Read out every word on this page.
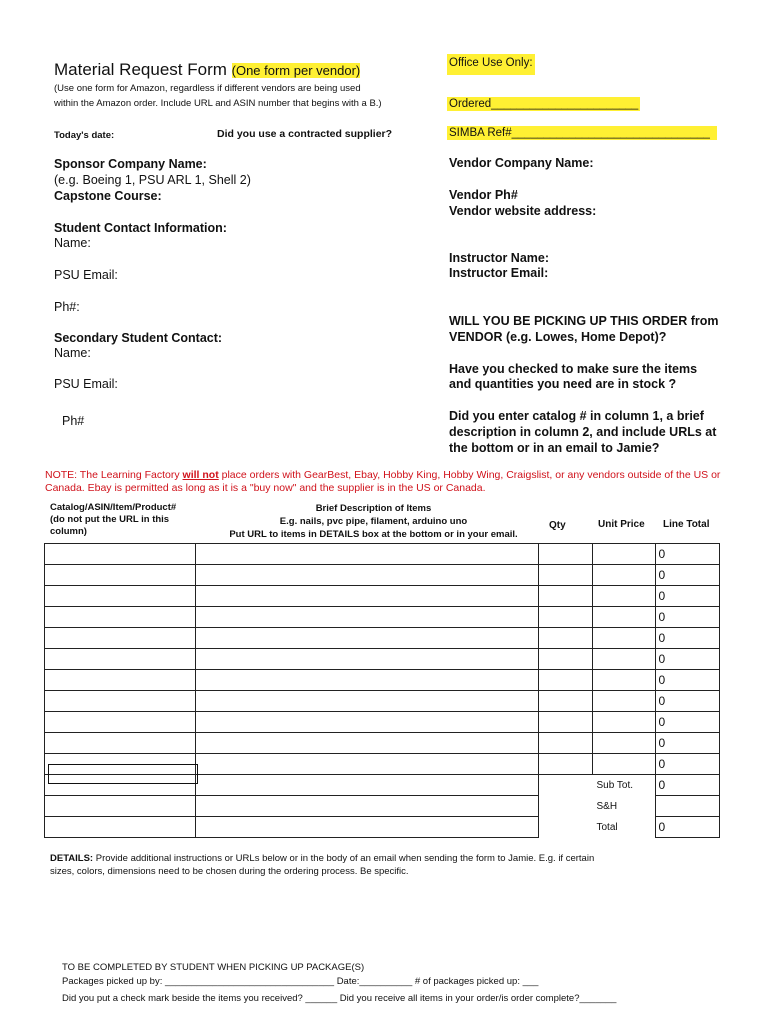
Material Request Form (One form per vendor)
(Use one form for Amazon, regardless if different vendors are being used
within the Amazon order. Include URL and ASIN number that begins with a B.)
Today's date:	Did you use a contracted supplier?
Office Use Only:
Ordered_______________________
SIMBA Ref#_______________________________
Sponsor Company Name:
(e.g. Boeing 1, PSU ARL 1, Shell 2)
Capstone Course:
Student Contact Information:
Name:
PSU Email:
Ph#:
Secondary Student Contact:
Name:
PSU Email:
Ph#
Vendor Company Name:
Vendor Ph#
Vendor website address:
Instructor Name:
Instructor Email:
WILL YOU BE PICKING UP THIS ORDER from
VENDOR (e.g. Lowes, Home Depot)?
Have you checked to make sure the items
and quantities you need are in stock ?
Did you enter catalog # in column 1, a brief
description in column 2, and include URLs at
the bottom or in an email to Jamie?
NOTE: The Learning Factory will not place orders with GearBest, Ebay, Hobby King, Hobby Wing, Craigslist, or any vendors outside of the US or
Canada. Ebay is permitted as long as it is a "buy now" and the supplier is in the US or Canada.
Catalog/ASIN/Item/Product#
(do not put the URL in this
column)
Brief Description of Items
E.g. nails, pvc pipe, filament, arduino uno
Put URL to items in DETAILS box at the bottom or in your email.
Qty	Unit Price Line Total
				0
				0
				0
				0
				0
				0
				0
				0
				0
				0
				0
			Sub Tot.	0
			S&H	
			Total	0
DETAILS: Provide additional instructions or URLs below or in the body of an email when sending the form to Jamie. E.g. if certain
sizes, colors, dimensions need to be chosen during the ordering process. Be specific.
TO BE COMPLETED BY STUDENT WHEN PICKING UP PACKAGE(S)
Packages picked up by: ________________________________ Date:__________ # of packages picked up: ___
Did you put a check mark beside the items you received? ______ Did you receive all items in your order/is order complete?_______
